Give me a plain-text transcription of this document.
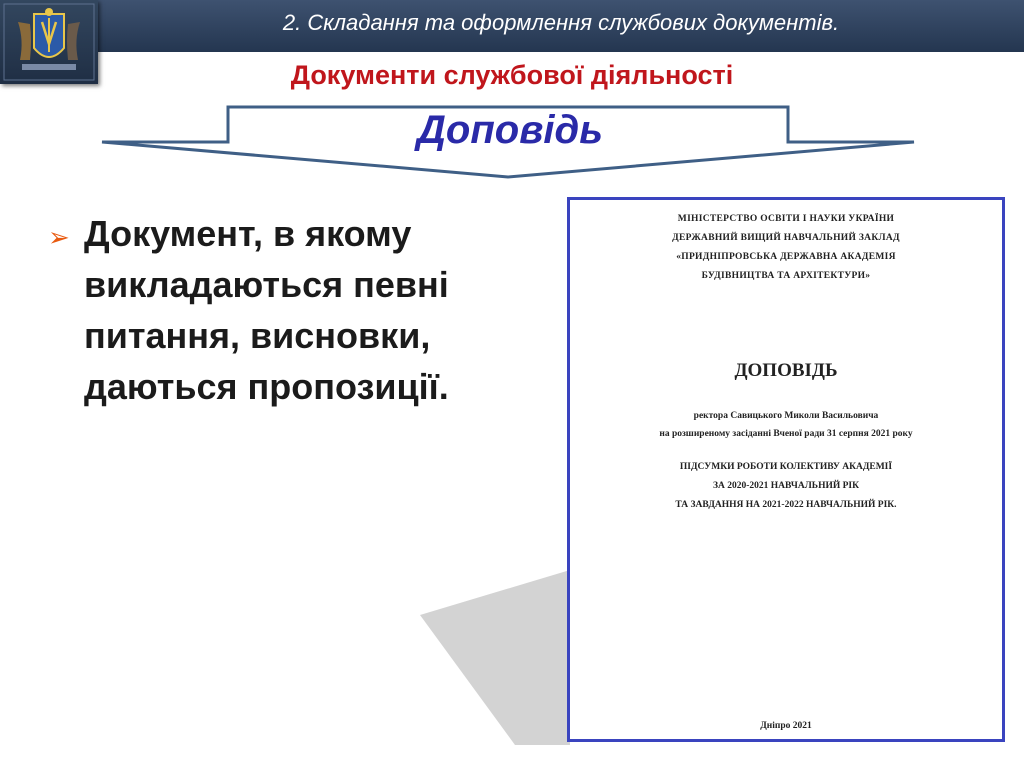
2. Складання та оформлення службових документів.
Документи службової діяльності
Доповідь
➢ Документ, в якому викладаються певні питання, висновки, даються пропозиції.
МІНІСТЕРСТВО ОСВІТИ І НАУКИ УКРАЇНИ
ДЕРЖАВНИЙ ВИЩИЙ НАВЧАЛЬНИЙ ЗАКЛАД
«ПРИДНІПРОВСЬКА ДЕРЖАВНА АКАДЕМІЯ
БУДІВНИЦТВА ТА АРХІТЕКТУРИ»
ДОПОВІДЬ
ректора Савицького Миколи Васильовича
на розширеному засіданні Вченої ради 31 серпня 2021 року
ПІДСУМКИ РОБОТИ КОЛЕКТИВУ АКАДЕМІЇ
ЗА 2020-2021 НАВЧАЛЬНИЙ РІК
ТА ЗАВДАННЯ НА 2021-2022 НАВЧАЛЬНИЙ РІК.
Дніпро 2021
